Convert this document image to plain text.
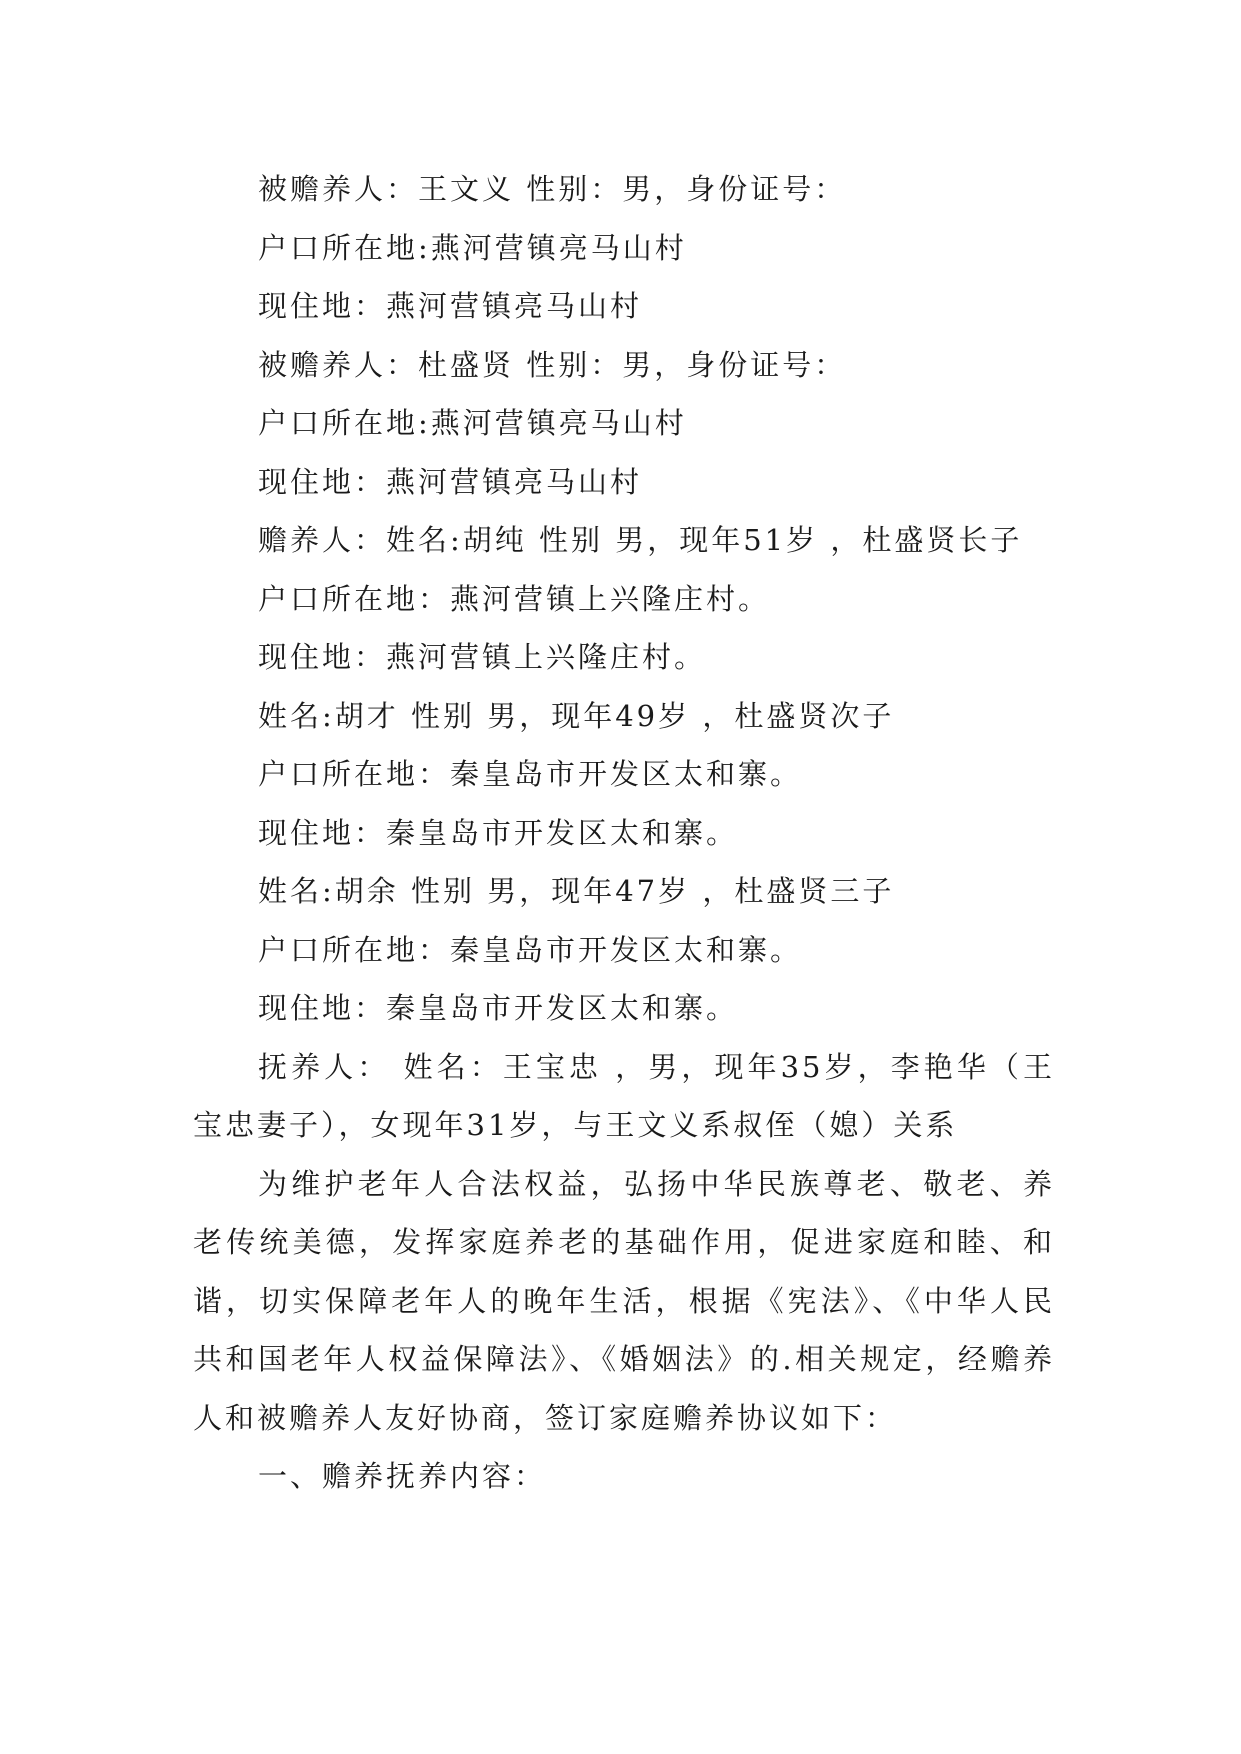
被赡养人：王文义 性别：男，身份证号：
户口所在地:燕河营镇亮马山村
现住地：燕河营镇亮马山村
被赡养人：杜盛贤 性别：男，身份证号：
户口所在地:燕河营镇亮马山村
现住地：燕河营镇亮马山村
赡养人：姓名:胡纯 性别 男，现年51岁 ，杜盛贤长子
户口所在地：燕河营镇上兴隆庄村。
现住地：燕河营镇上兴隆庄村。
姓名:胡才 性别 男，现年49岁 ，杜盛贤次子
户口所在地：秦皇岛市开发区太和寨。
现住地：秦皇岛市开发区太和寨。
姓名:胡余 性别 男，现年47岁 ，杜盛贤三子
户口所在地：秦皇岛市开发区太和寨。
现住地：秦皇岛市开发区太和寨。
抚养人： 姓名：王宝忠 ，男，现年35岁，李艳华（王宝忠妻子），女现年31岁，与王文义系叔侄（媳）关系
为维护老年人合法权益，弘扬中华民族尊老、敬老、养老传统美德，发挥家庭养老的基础作用，促进家庭和睦、和谐，切实保障老年人的晚年生活，根据《宪法》、《中华人民共和国老年人权益保障法》、《婚姻法》的.相关规定，经赡养人和被赡养人友好协商，签订家庭赡养协议如下：
一、赡养抚养内容：
